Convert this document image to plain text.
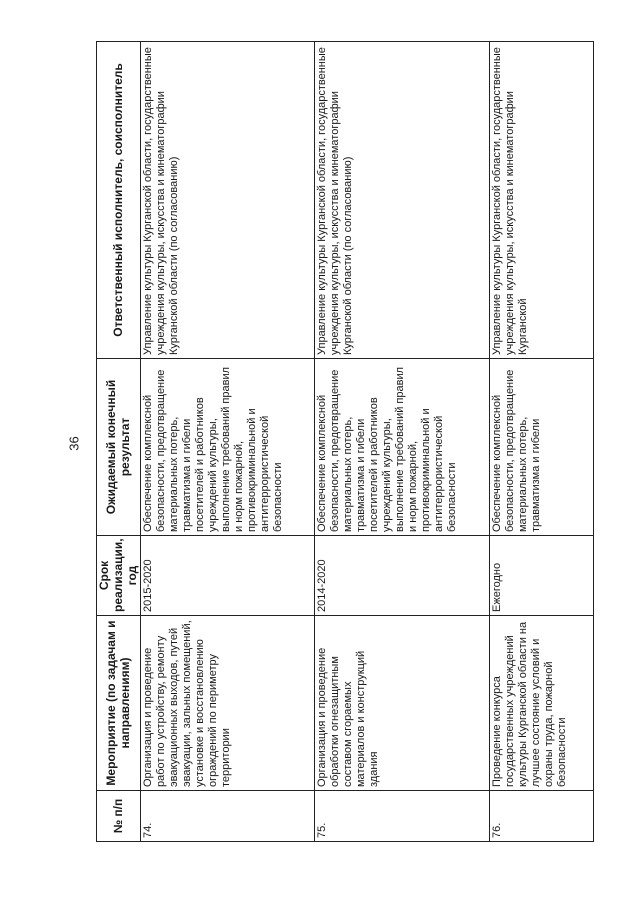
36
№ п/п	Мероприятие (по задачам и направлениям)	Срок реализации, год	Ожидаемый конечный результат	Ответственный исполнитель, соисполнитель
74.	Организация и проведение работ по устройству, ремонту эвакуационных выходов, путей эвакуации, зальных помещений, установке и восстановлению ограждений по периметру территории	2015-2020	Обеспечение комплексной безопасности, предотвращение материальных потерь, травматизма и гибели посетителей и работников учреждений культуры, выполнение требований правил и норм пожарной, противокриминальной и антитеррористической безопасности	Управление культуры Курганской области, государственные учреждения культуры, искусства и кинематографии Курганской области (по согласованию)
75.	Организация и проведение обработки огнезащитным составом сгораемых материалов и конструкций здания	2014-2020	Обеспечение комплексной безопасности, предотвращение материальных потерь, травматизма и гибели посетителей и работников учреждений культуры, выполнение требований правил и норм пожарной, противокриминальной и антитеррористической безопасности	Управление культуры Курганской области, государственные учреждения культуры, искусства и кинематографии Курганской области (по согласованию)
76.	Проведение конкурса государственных учреждений культуры Курганской области на лучшее состояние условий и охраны труда, пожарной безопасности	Ежегодно	Обеспечение комплексной безопасности, предотвращение материальных потерь, травматизма и гибели	Управление культуры Курганской области, государственные учреждения культуры, искусства и кинематографии Курганской
